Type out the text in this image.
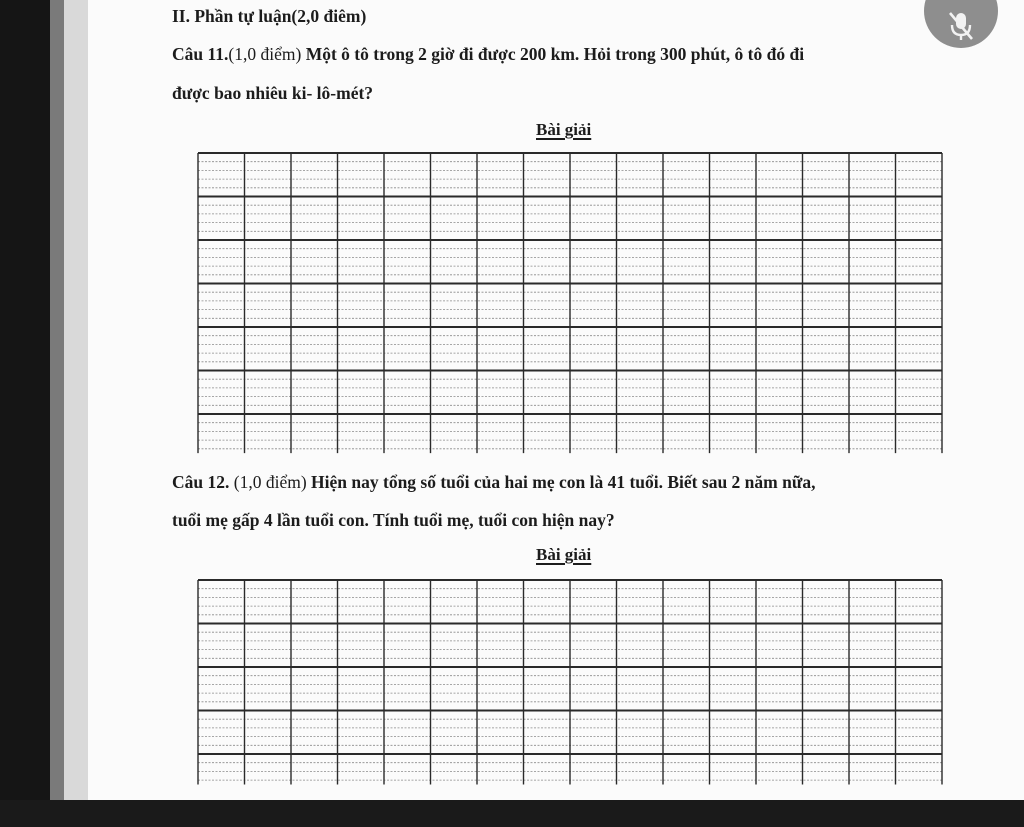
II. Phần tự luận(2,0 điêm)
Câu 11.(1,0 điểm) Một ô tô trong 2 giờ đi được 200 km. Hỏi trong 300 phút, ô tô đó đi
được bao nhiêu ki- lô-mét?
Bài giải
Câu 12. (1,0 điểm) Hiện nay tổng số tuổi của hai mẹ con là 41 tuổi. Biết sau 2 năm nữa,
tuổi mẹ gấp 4 lần tuổi con. Tính tuổi mẹ, tuổi con hiện nay?
Bài giải
